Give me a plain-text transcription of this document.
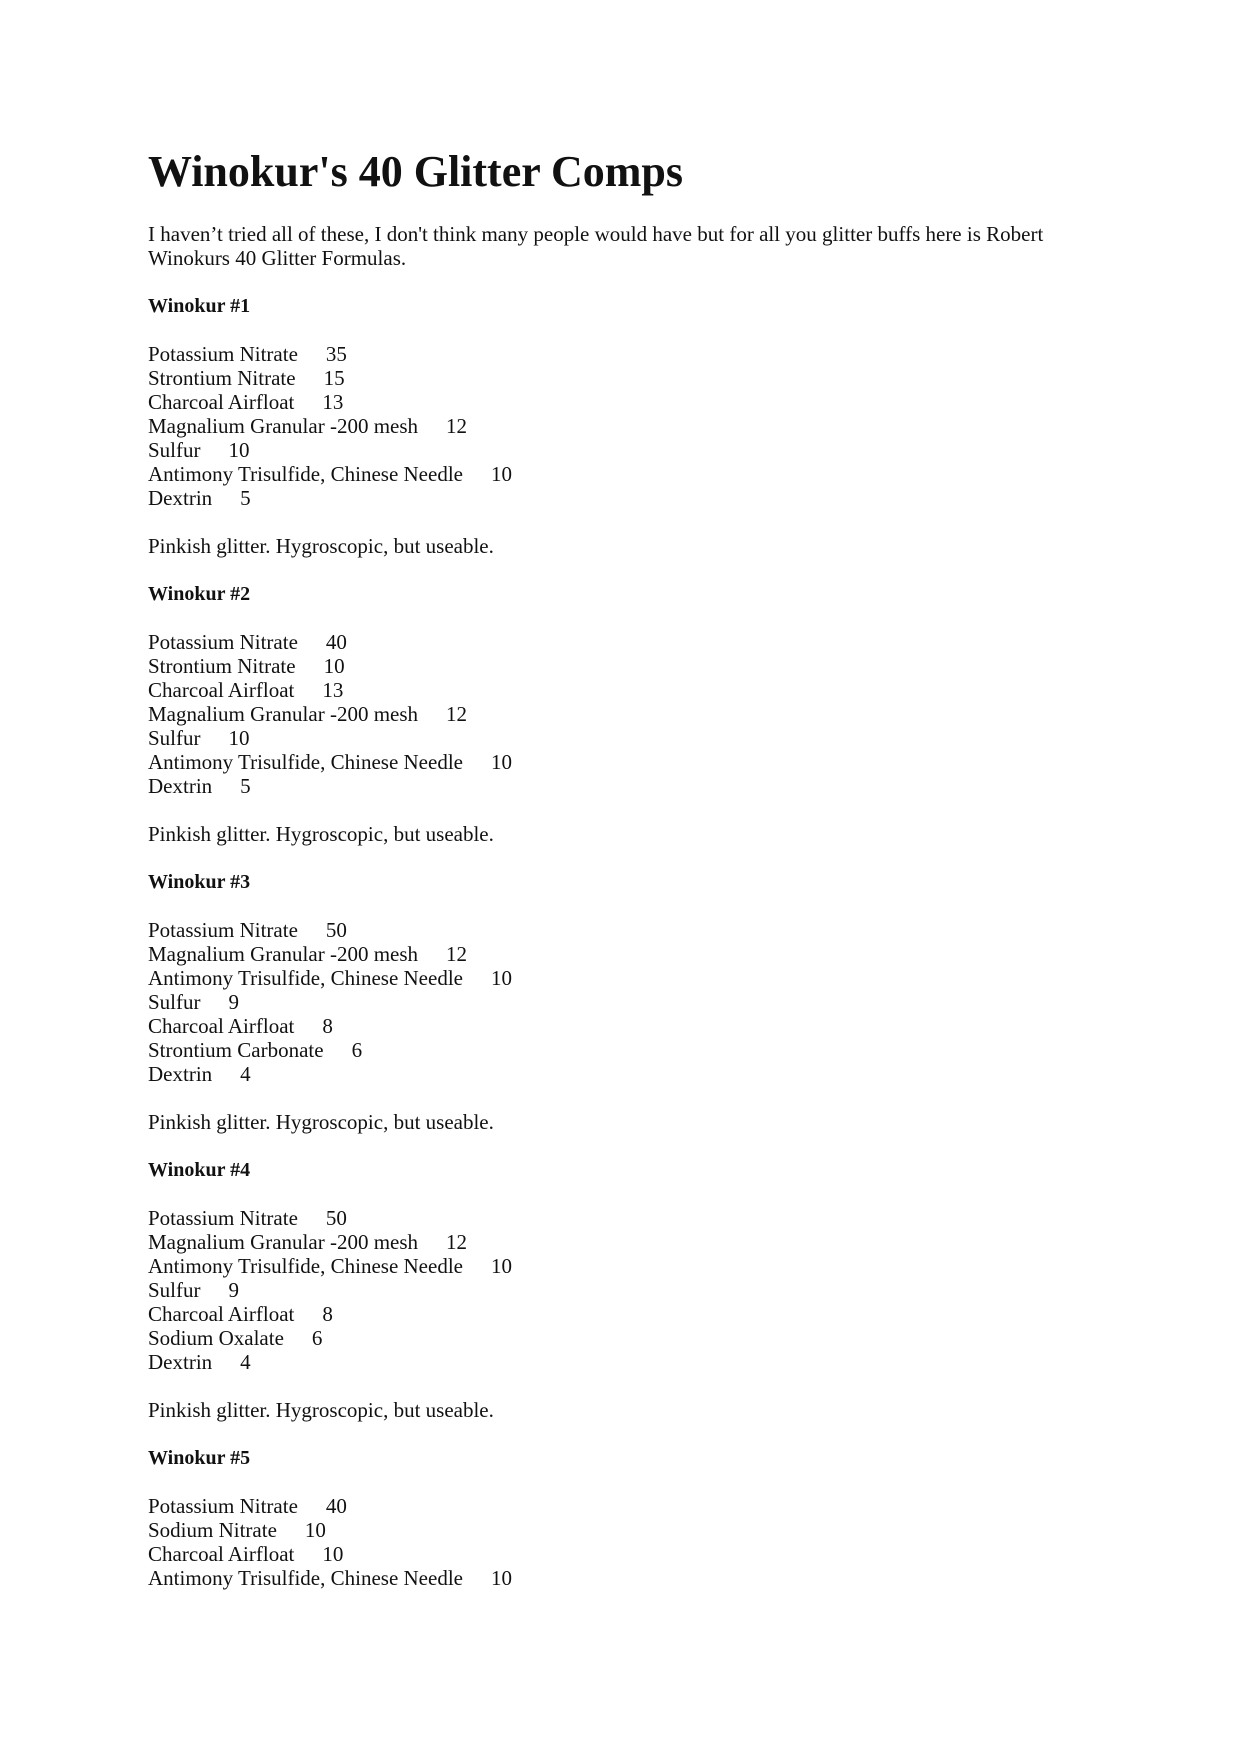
Winokur's 40 Glitter Comps

I haven’t tried all of these, I don't think many people would have but for all you glitter buffs here is Robert Winokurs 40 Glitter Formulas.

Winokur #1
Potassium Nitrate 35
Strontium Nitrate 15
Charcoal Airfloat 13
Magnalium Granular -200 mesh 12
Sulfur 10
Antimony Trisulfide, Chinese Needle 10
Dextrin 5

Pinkish glitter. Hygroscopic, but useable.

Winokur #2
Potassium Nitrate 40
Strontium Nitrate 10
Charcoal Airfloat 13
Magnalium Granular -200 mesh 12
Sulfur 10
Antimony Trisulfide, Chinese Needle 10
Dextrin 5

Pinkish glitter. Hygroscopic, but useable.

Winokur #3
Potassium Nitrate 50
Magnalium Granular -200 mesh 12
Antimony Trisulfide, Chinese Needle 10
Sulfur 9
Charcoal Airfloat 8
Strontium Carbonate 6
Dextrin 4

Pinkish glitter. Hygroscopic, but useable.

Winokur #4
Potassium Nitrate 50
Magnalium Granular -200 mesh 12
Antimony Trisulfide, Chinese Needle 10
Sulfur 9
Charcoal Airfloat 8
Sodium Oxalate 6
Dextrin 4

Pinkish glitter. Hygroscopic, but useable.

Winokur #5
Potassium Nitrate 40
Sodium Nitrate 10
Charcoal Airfloat 10
Antimony Trisulfide, Chinese Needle 10
